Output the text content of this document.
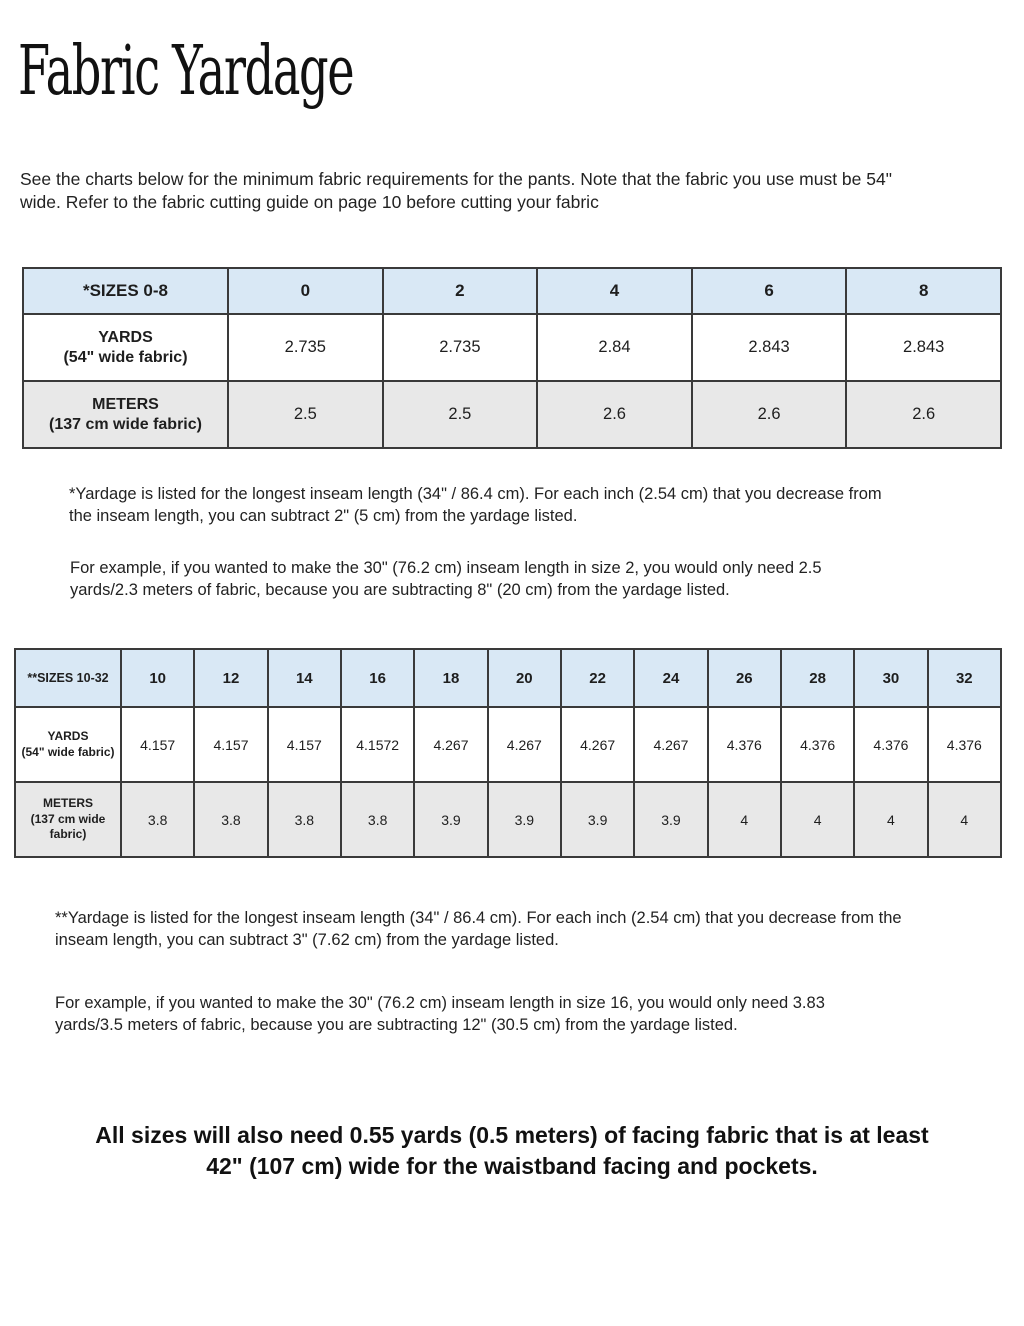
Fabric Yardage

See the charts below for the minimum fabric requirements for the pants. Note that the fabric you use must be 54" wide. Refer to the fabric cutting guide on page 10 before cutting your fabric

*SIZES 0-8	0	2	4	6	8

YARDS
(54" wide fabric)	2.735	2.735	2.84	2.843	2.843

METERS
(137 cm wide fabric)	2.5	2.5	2.6	2.6	2.6

*Yardage is listed for the longest inseam length (34" / 86.4 cm). For each inch (2.54 cm) that you decrease from the inseam length, you can subtract 2" (5 cm) from the yardage listed.

For example, if you wanted to make the 30" (76.2 cm) inseam length in size 2, you would only need 2.5 yards/2.3 meters of fabric, because you are subtracting 8" (20 cm) from the yardage listed.

**SIZES 10-32	10	12	14	16	18	20	22	24	26	28	30	32

YARDS
(54" wide fabric)	4.157	4.157	4.157	4.1572	4.267	4.267	4.267	4.267	4.376	4.376	4.376	4.376

METERS
(137 cm wide fabric)	3.8	3.8	3.8	3.8	3.9	3.9	3.9	3.9	4	4	4	4

**Yardage is listed for the longest inseam length (34" / 86.4 cm). For each inch (2.54 cm) that you decrease from the inseam length, you can subtract 3" (7.62 cm) from the yardage listed.

For example, if you wanted to make the 30" (76.2 cm) inseam length in size 16, you would only need 3.83 yards/3.5 meters of fabric, because you are subtracting 12" (30.5 cm) from the yardage listed.

All sizes will also need 0.55 yards (0.5 meters) of facing fabric that is at least 42" (107 cm) wide for the waistband facing and pockets.
